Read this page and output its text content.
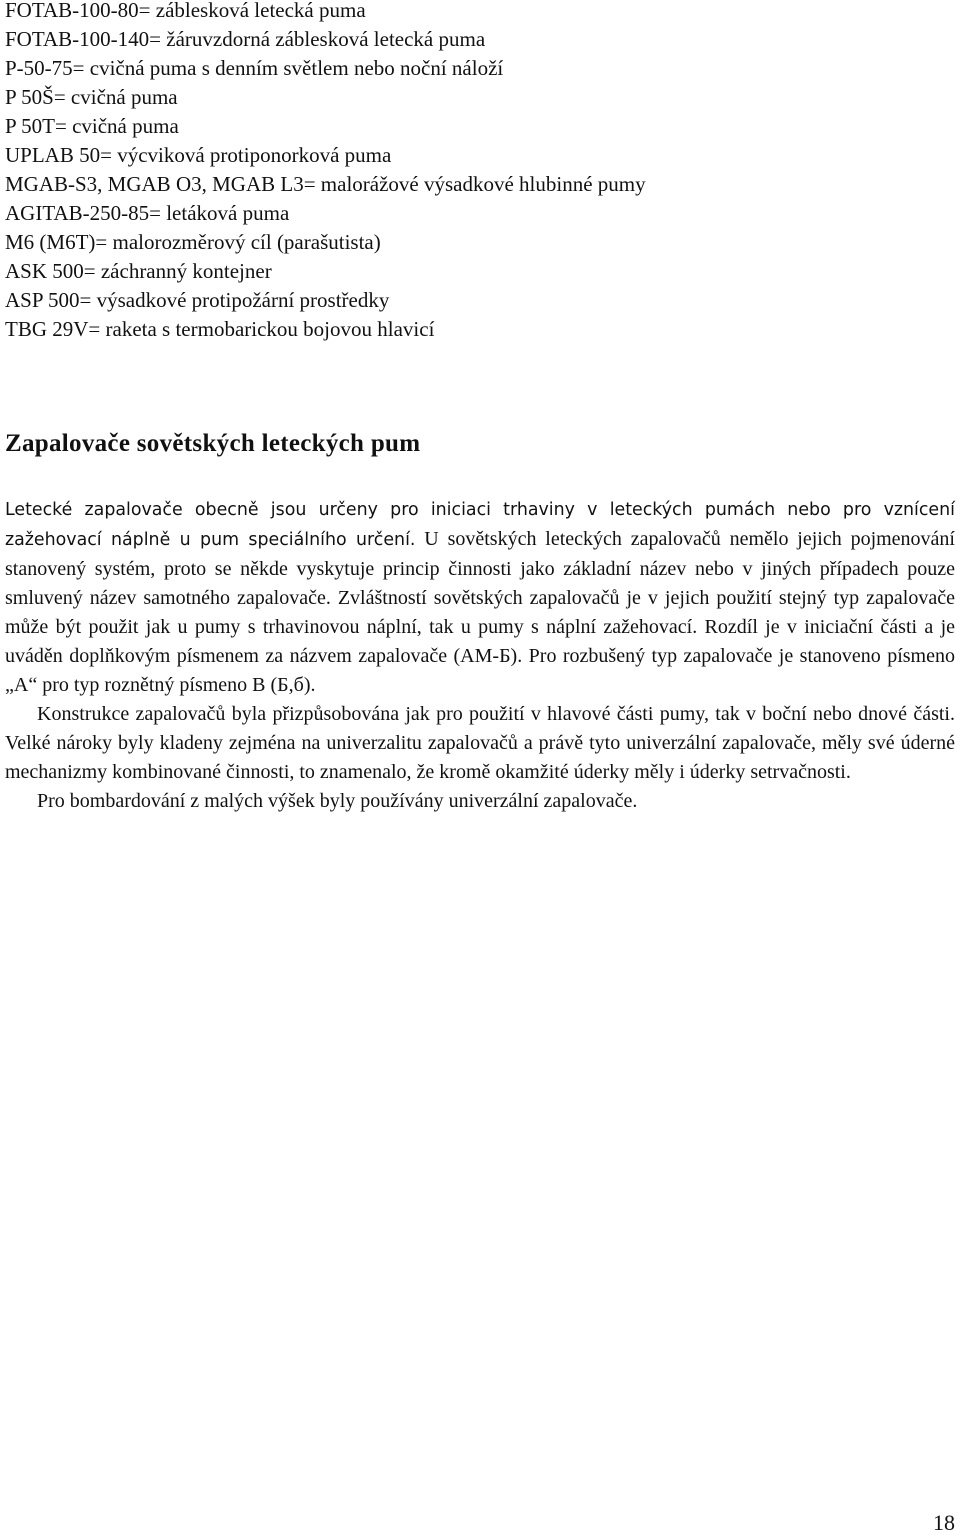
FOTAB-100-80= záblesková letecká puma
FOTAB-100-140= žáruvzdorná záblesková letecká puma
P-50-75= cvičná puma s denním světlem nebo noční náloží
P 50Š= cvičná puma
P 50T= cvičná puma
UPLAB 50= výcviková protiponorková puma
MGAB-S3, MGAB O3, MGAB L3= malorážové výsadkové hlubinné pumy
AGITAB-250-85= letáková puma
M6 (M6T)= malorozměrový cíl (parašutista)
ASK 500= záchranný kontejner
ASP 500= výsadkové protipožární prostředky
TBG 29V= raketa s termobarickou bojovou hlavicí
Zapalovače sovětských leteckých pum

Letecké zapalovače obecně jsou určeny pro iniciaci trhaviny v leteckých pumách nebo pro vznícení zažehovací náplně u pum speciálního určení. U sovětských leteckých zapalovačů nemělo jejich pojmenování stanovený systém, proto se někde vyskytuje princip činnosti jako základní název nebo v jiných případech pouze smluvený název samotného zapalovače. Zvláštností sovětských zapalovačů je v jejich použití stejný typ zapalovače může být použit jak u pumy s trhavinovou náplní, tak u pumy s náplní zažehovací. Rozdíl je v iniciační části a je uváděn doplňkovým písmenem za názvem zapalovače (AM-Б). Pro rozbušený typ zapalovače je stanoveno písmeno „A“ pro typ roznětný písmeno B (Б,б).

Konstrukce zapalovačů byla přizpůsobována jak pro použití v hlavové části pumy, tak v boční nebo dnové části. Velké nároky byly kladeny zejména na univerzalitu zapalovačů a právě tyto univerzální zapalovače, měly své úderné mechanizmy kombinované činnosti, to znamenalo, že kromě okamžité úderky měly i úderky setrvačnosti.

Pro bombardování z malých výšek byly používány univerzální zapalovače.

18
